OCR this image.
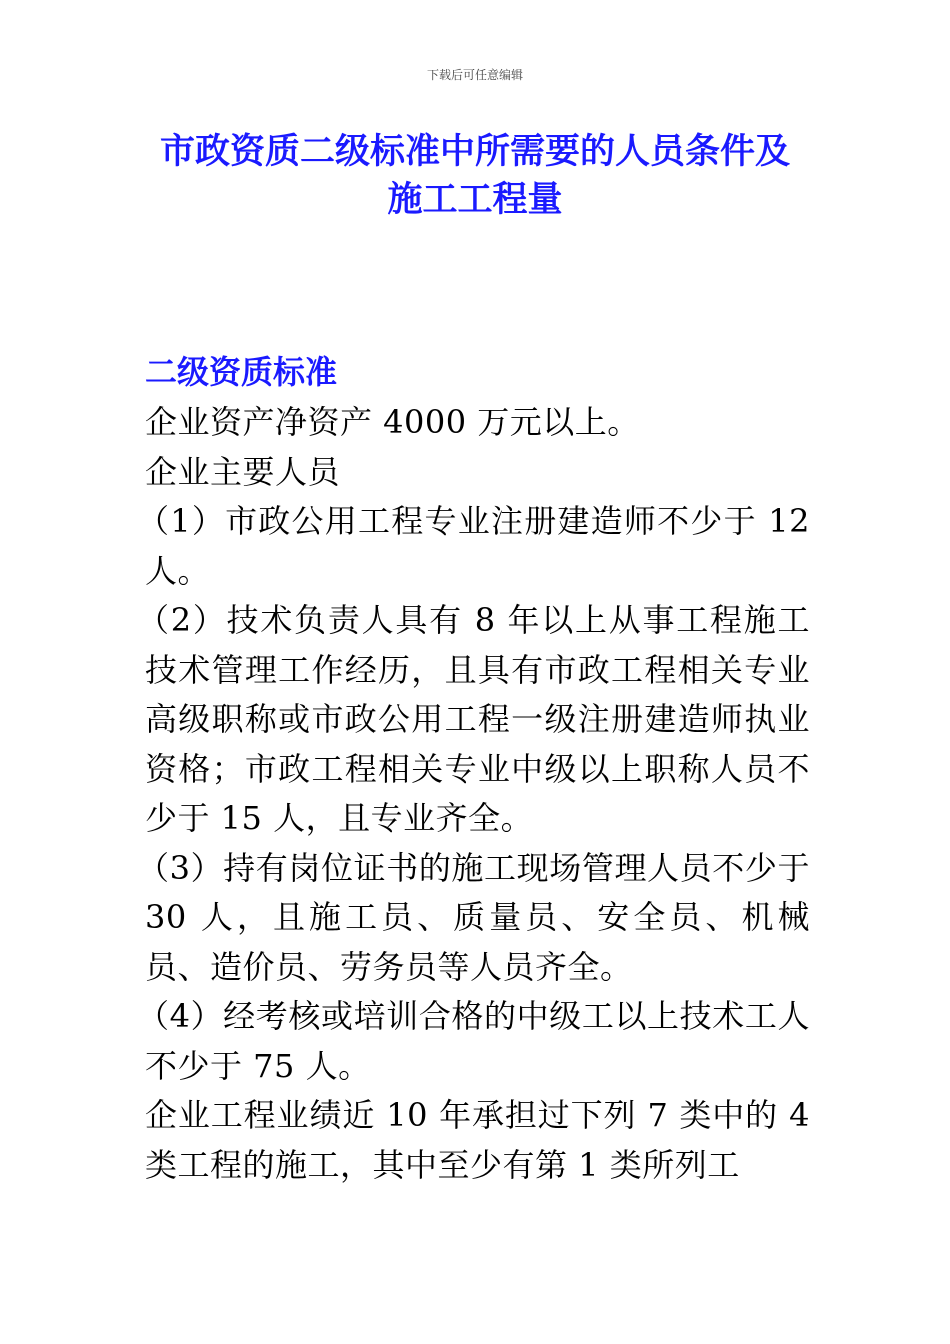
下载后可任意编辑
市政资质二级标准中所需要的人员条件及
施工工程量

二级资质标准

企业资产净资产 4000 万元以上。

企业主要人员

（1）市政公用工程专业注册建造师不少于 12 人。

（2）技术负责人具有 8 年以上从事工程施工技术管理工作经历，且具有市政工程相关专业高级职称或市政公用工程一级注册建造师执业资格；市政工程相关专业中级以上职称人员不少于 15 人，且专业齐全。

（3）持有岗位证书的施工现场管理人员不少于 30 人，且施工员、质量员、安全员、机械员、造价员、劳务员等人员齐全。

（4）经考核或培训合格的中级工以上技术工人不少于 75 人。

企业工程业绩近 10 年承担过下列 7 类中的 4 类工程的施工，其中至少有第 1 类所列工
